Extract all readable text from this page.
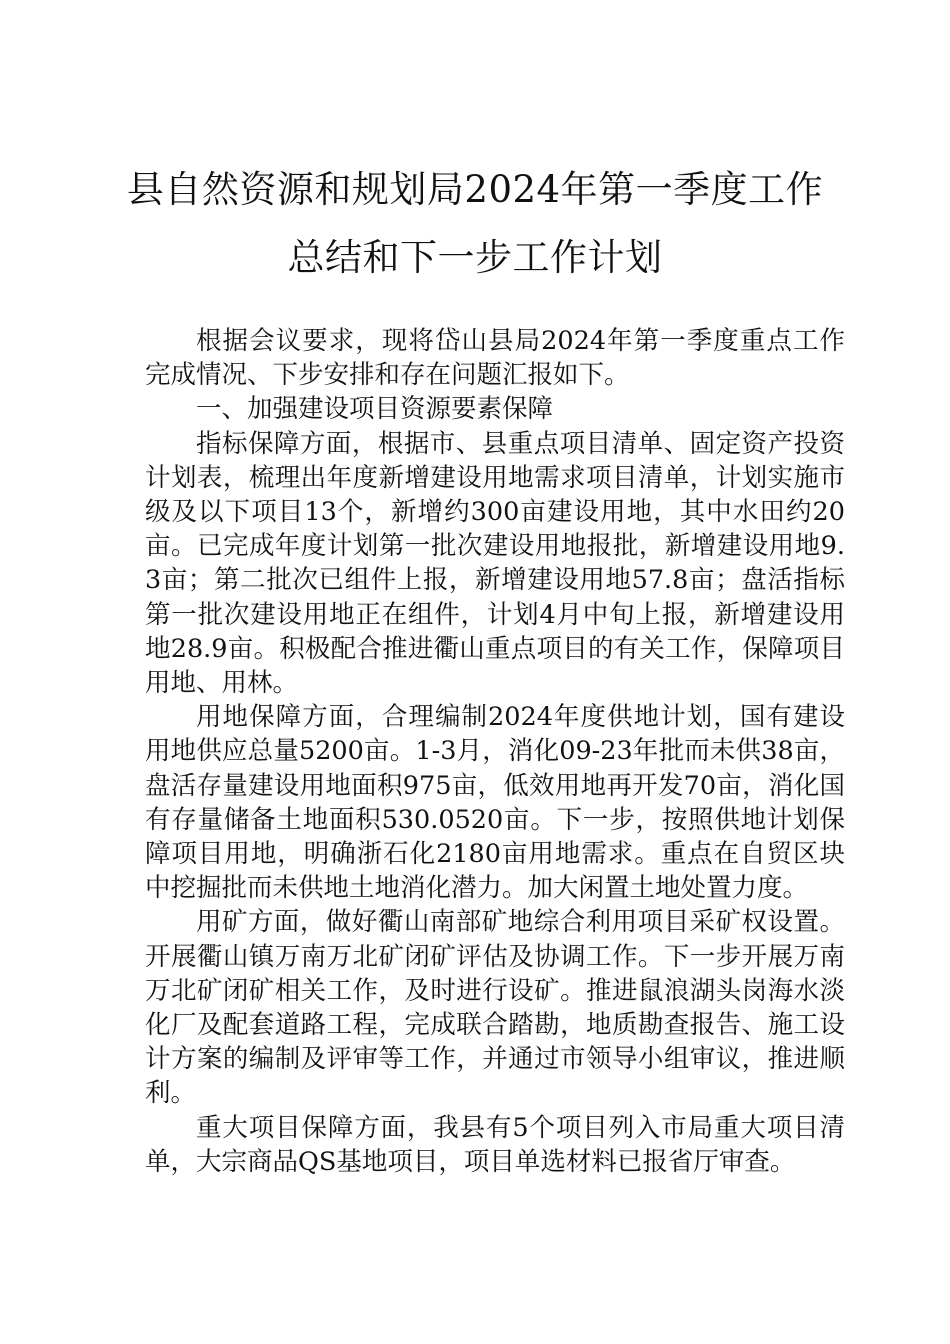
县自然资源和规划局2024年第一季度工作
总结和下一步工作计划

根据会议要求，现将岱山县局2024年第一季度重点工作完成情况、下步安排和存在问题汇报如下。

一、加强建设项目资源要素保障

指标保障方面，根据市、县重点项目清单、固定资产投资计划表，梳理出年度新增建设用地需求项目清单，计划实施市级及以下项目13个，新增约300亩建设用地，其中水田约20亩。已完成年度计划第一批次建设用地报批，新增建设用地9.3亩；第二批次已组件上报，新增建设用地57.8亩；盘活指标第一批次建设用地正在组件，计划4月中旬上报，新增建设用地28.9亩。积极配合推进衢山重点项目的有关工作，保障项目用地、用林。

用地保障方面，合理编制2024年度供地计划，国有建设用地供应总量5200亩。1-3月，消化09-23年批而未供38亩，盘活存量建设用地面积975亩，低效用地再开发70亩，消化国有存量储备土地面积530.0520亩。下一步，按照供地计划保障项目用地，明确浙石化2180亩用地需求。重点在自贸区块中挖掘批而未供地土地消化潜力。加大闲置土地处置力度。

用矿方面，做好衢山南部矿地综合利用项目采矿权设置。开展衢山镇万南万北矿闭矿评估及协调工作。下一步开展万南万北矿闭矿相关工作，及时进行设矿。推进鼠浪湖头岗海水淡化厂及配套道路工程，完成联合踏勘，地质勘查报告、施工设计方案的编制及评审等工作，并通过市领导小组审议，推进顺利。

重大项目保障方面，我县有5个项目列入市局重大项目清单，大宗商品QS基地项目，项目单选材料已报省厅审查。
